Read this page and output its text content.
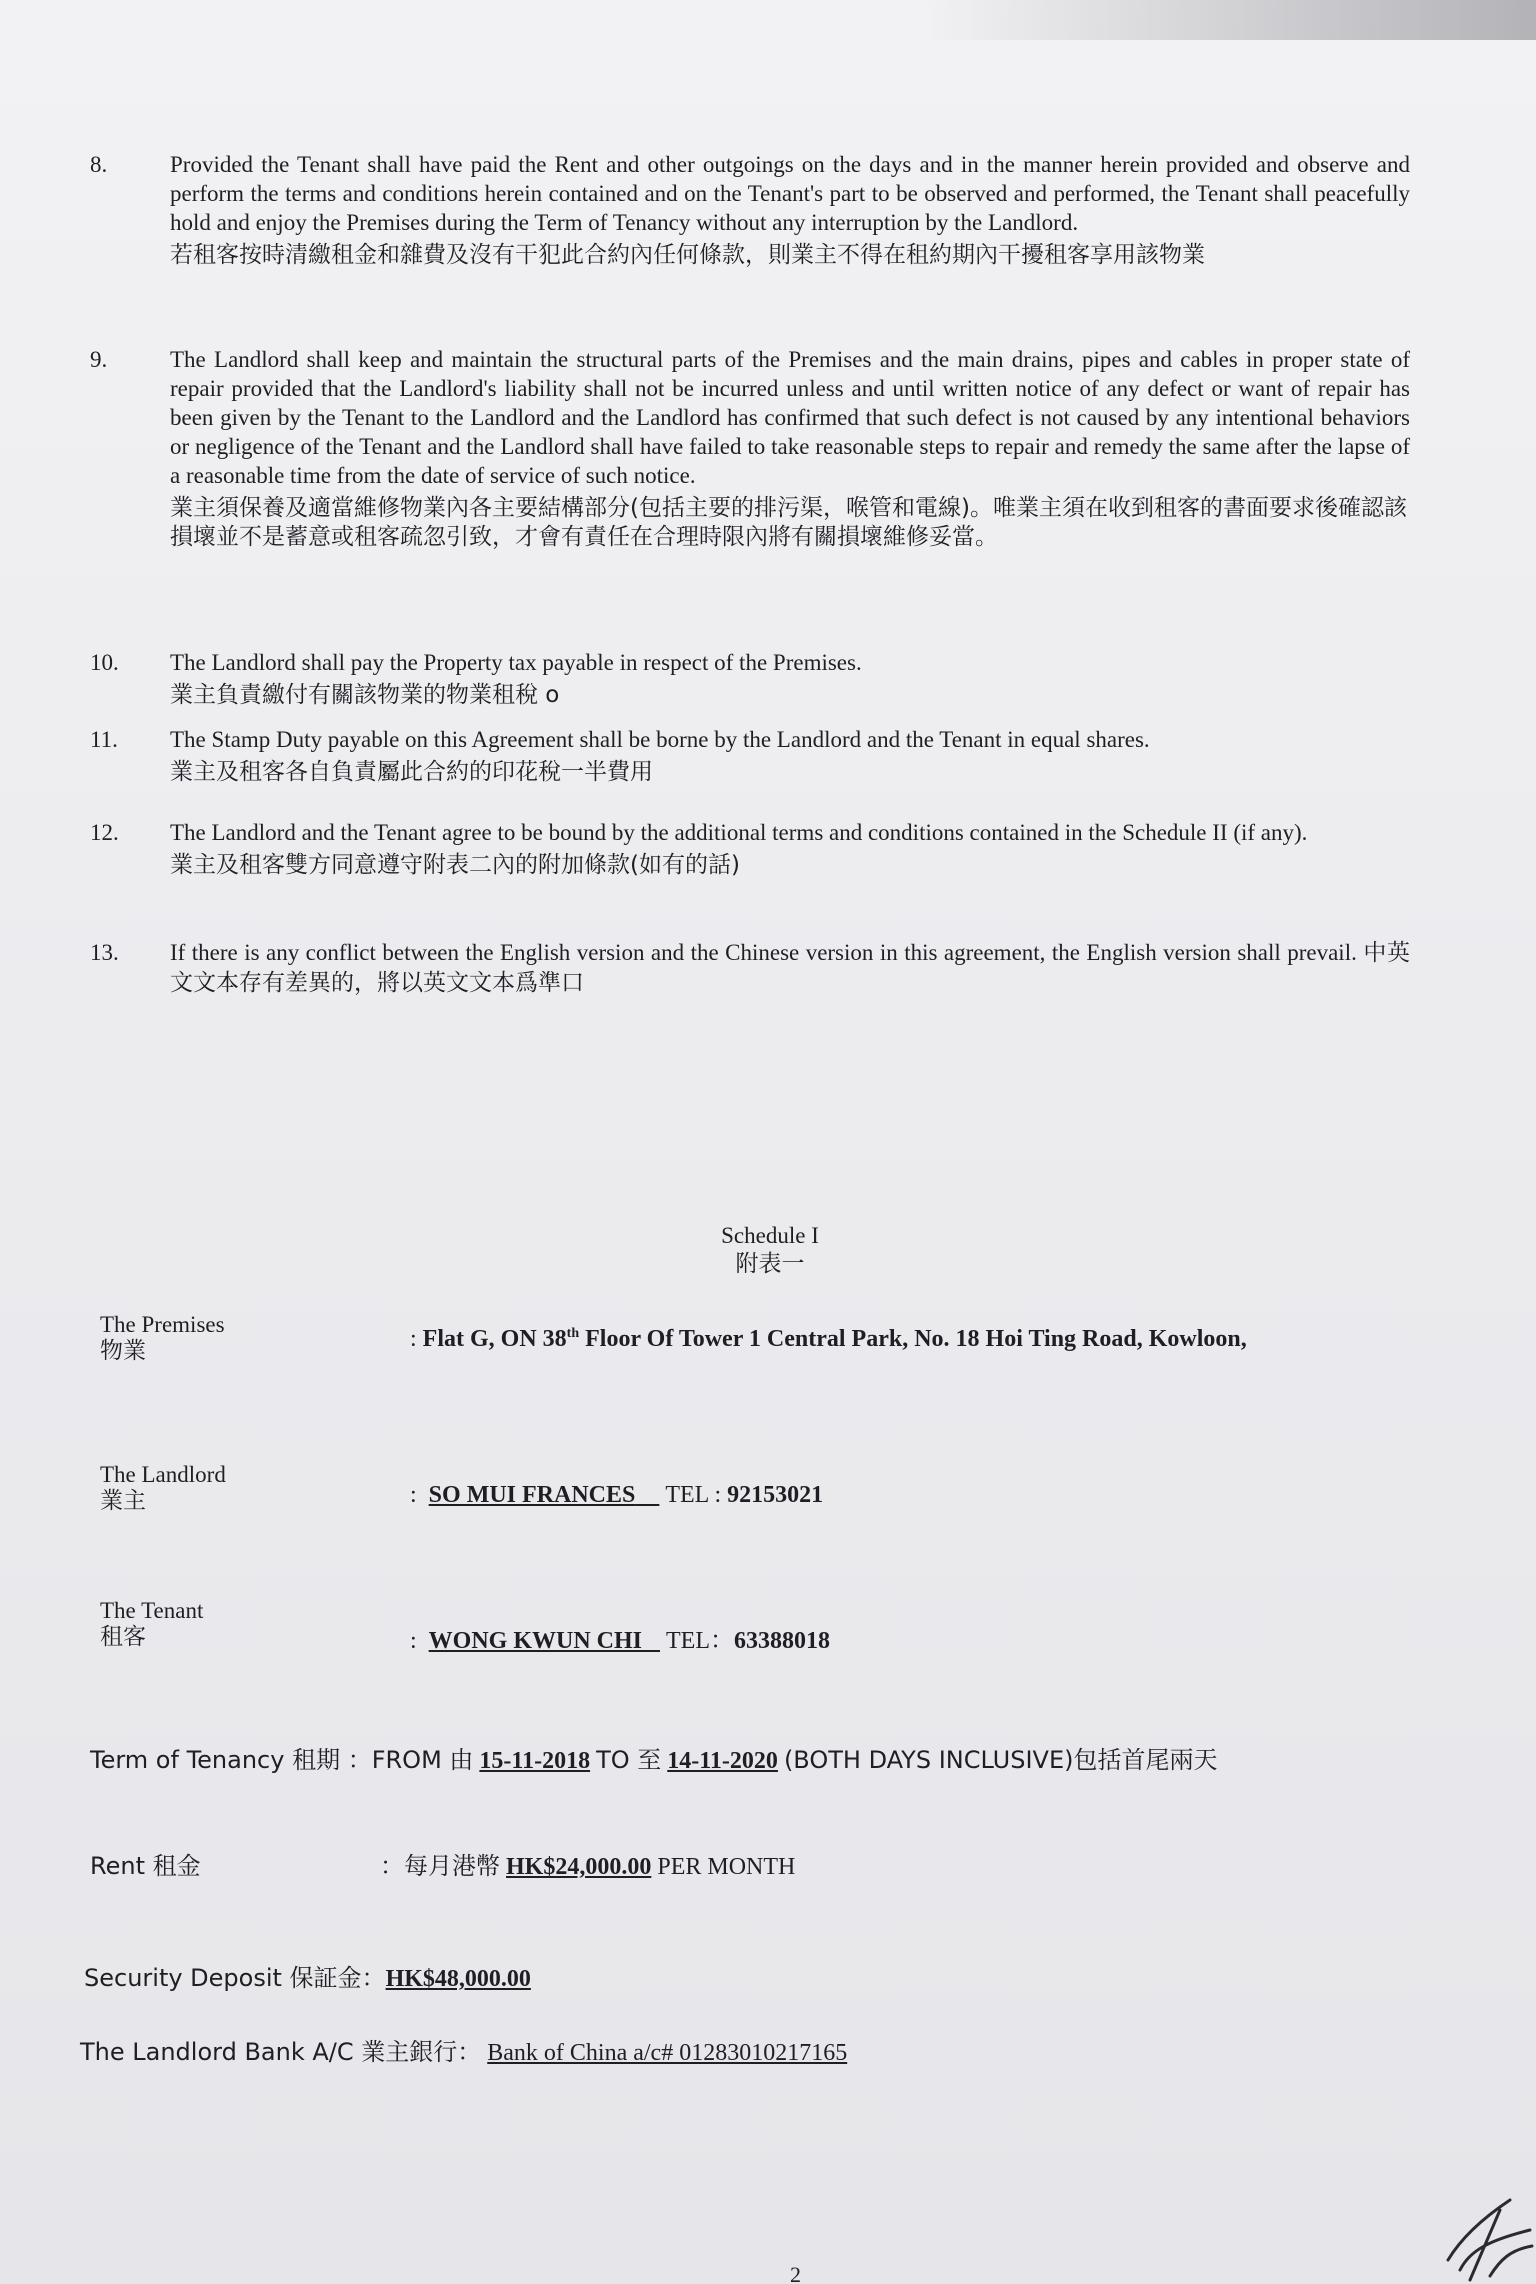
8.	Provided the Tenant shall have paid the Rent and other outgoings on the days and in the manner herein provided and observe and perform the terms and conditions herein contained and on the Tenant's part to be observed and performed, the Tenant shall peacefully hold and enjoy the Premises during the Term of Tenancy without any interruption by the Landlord.
若租客按時清繳租金和雜費及沒有干犯此合約內任何條款，則業主不得在租約期內干擾租客享用該物業
9.	The Landlord shall keep and maintain the structural parts of the Premises and the main drains, pipes and cables in proper state of repair provided that the Landlord's liability shall not be incurred unless and until written notice of any defect or want of repair has been given by the Tenant to the Landlord and the Landlord has confirmed that such defect is not caused by any intentional behaviors or negligence of the Tenant and the Landlord shall have failed to take reasonable steps to repair and remedy the same after the lapse of a reasonable time from the date of service of such notice.
業主須保養及適當維修物業內各主要結構部分(包括主要的排污渠，喉管和電線)。唯業主須在收到租客的書面要求後確認該損壞並不是蓄意或租客疏忽引致，才會有責任在合理時限內將有關損壞維修妥當。
10.	The Landlord shall pay the Property tax payable in respect of the Premises.
業主負責繳付有關該物業的物業租稅 o
11.	The Stamp Duty payable on this Agreement shall be borne by the Landlord and the Tenant in equal shares.
業主及租客各自負責屬此合約的印花稅一半費用
12.	The Landlord and the Tenant agree to be bound by the additional terms and conditions contained in the Schedule II (if any).
業主及租客雙方同意遵守附表二內的附加條款(如有的話)
13.	If there is any conflict between the English version and the Chinese version in this agreement, the English version shall prevail. 中英文文本存有差異的，將以英文文本爲準口
Schedule I
附表一
The Premises
物業	: Flat G, ON 38th Floor Of Tower 1 Central Park, No. 18 Hoi Ting Road, Kowloon,
The Landlord
業主	: SO MUI FRANCES TEL : 92153021
The Tenant
租客	: WONG KWUN CHI TEL：63388018
Term of Tenancy 租期 ：FROM 由 15-11-2018 TO 至 14-11-2020 (BOTH DAYS INCLUSIVE)包括首尾兩天
Rent 租金	：每月港幣 HK$24,000.00 PER MONTH
Security Deposit 保証金：HK$48,000.00
The Landlord Bank A/C 業主銀行： Bank of China a/c# 01283010217165
2
